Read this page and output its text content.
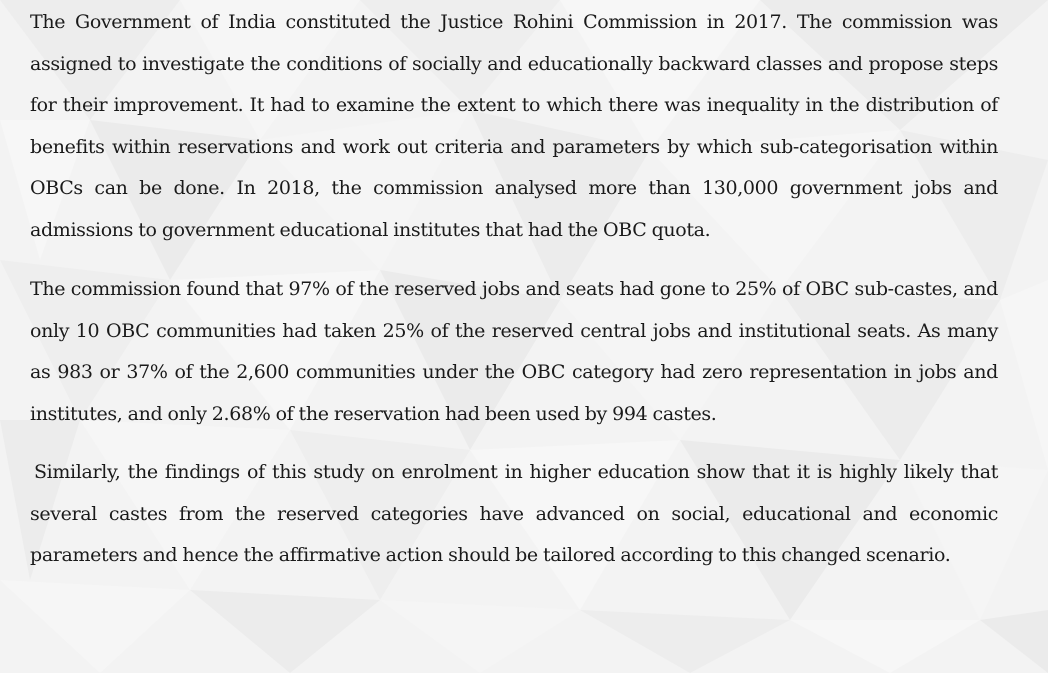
The Government of India constituted the Justice Rohini Commission in 2017. The commission was assigned to investigate the conditions of socially and educationally backward classes and propose steps for their improvement. It had to examine the extent to which there was inequality in the distribution of benefits within reservations and work out criteria and parameters by which sub-categorisation within OBCs can be done. In 2018, the commission analysed more than 130,000 government jobs and admissions to government educational institutes that had the OBC quota.

The commission found that 97% of the reserved jobs and seats had gone to 25% of OBC sub-castes, and only 10 OBC communities had taken 25% of the reserved central jobs and institutional seats. As many as 983 or 37% of the 2,600 communities under the OBC category had zero representation in jobs and institutes, and only 2.68% of the reservation had been used by 994 castes.

Similarly, the findings of this study on enrolment in higher education show that it is highly likely that several castes from the reserved categories have advanced on social, educational and economic parameters and hence the affirmative action should be tailored according to this changed scenario.
